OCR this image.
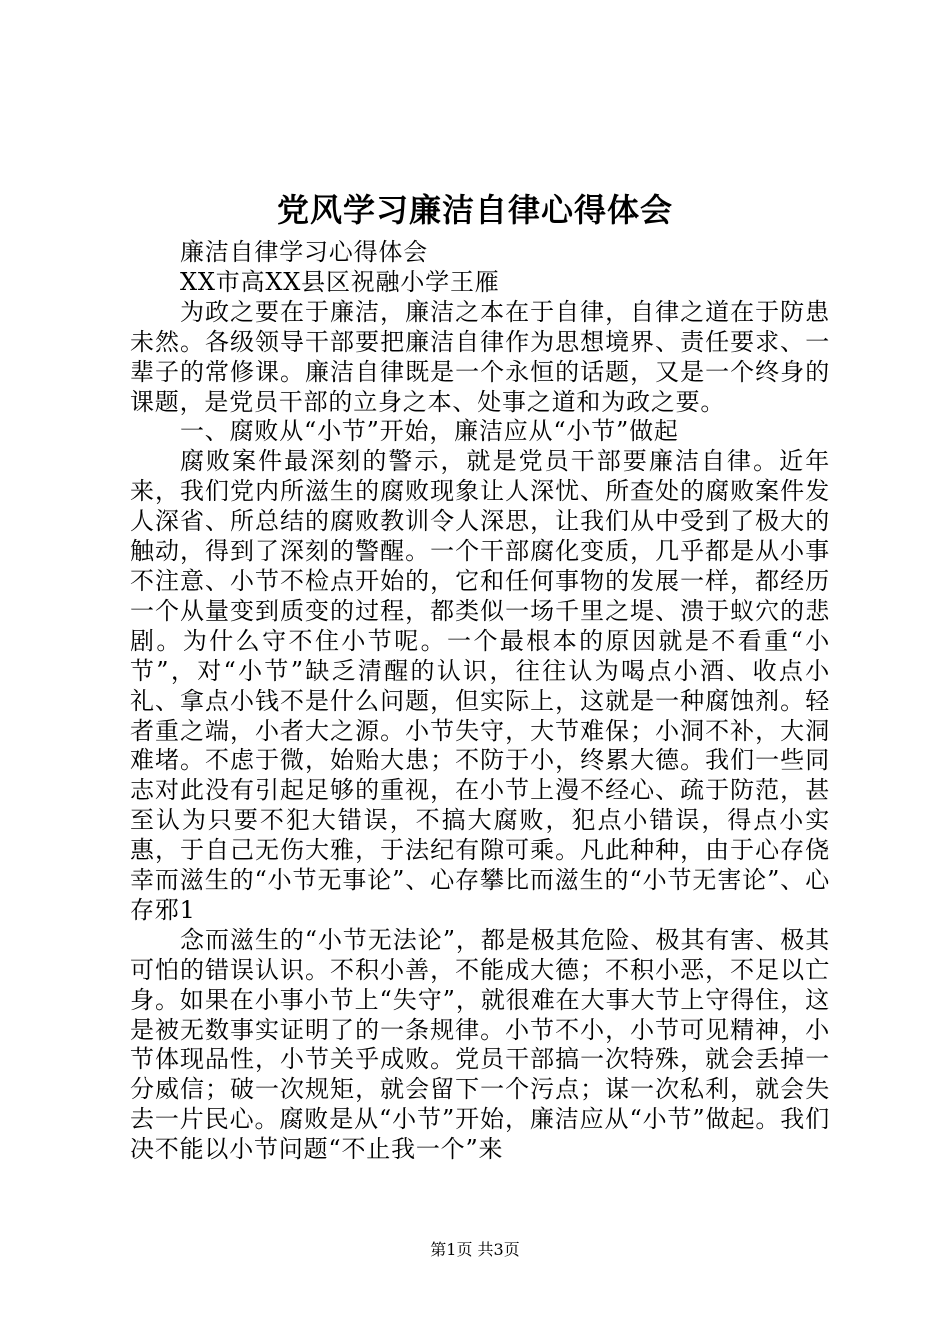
党风学习廉洁自律心得体会

廉洁自律学习心得体会

XX市高XX县区祝融小学王雁

为政之要在于廉洁，廉洁之本在于自律，自律之道在于防患未然。各级领导干部要把廉洁自律作为思想境界、责任要求、一辈子的常修课。廉洁自律既是一个永恒的话题，又是一个终身的课题，是党员干部的立身之本、处事之道和为政之要。

一、腐败从“小节”开始，廉洁应从“小节”做起

腐败案件最深刻的警示，就是党员干部要廉洁自律。近年来，我们党内所滋生的腐败现象让人深忧、所查处的腐败案件发人深省、所总结的腐败教训令人深思，让我们从中受到了极大的触动，得到了深刻的警醒。一个干部腐化变质，几乎都是从小事不注意、小节不检点开始的，它和任何事物的发展一样，都经历一个从量变到质变的过程，都类似一场千里之堤、溃于蚁穴的悲剧。为什么守不住小节呢。一个最根本的原因就是不看重“小节”，对“小节”缺乏清醒的认识，往往认为喝点小酒、收点小礼、拿点小钱不是什么问题，但实际上，这就是一种腐蚀剂。轻者重之端，小者大之源。小节失守，大节难保；小洞不补，大洞难堵。不虑于微，始贻大患；不防于小，终累大德。我们一些同志对此没有引起足够的重视，在小节上漫不经心、疏于防范，甚至认为只要不犯大错误，不搞大腐败，犯点小错误，得点小实惠，于自己无伤大雅，于法纪有隙可乘。凡此种种，由于心存侥幸而滋生的“小节无事论”、心存攀比而滋生的“小节无害论”、心存邪1

念而滋生的“小节无法论”，都是极其危险、极其有害、极其可怕的错误认识。不积小善，不能成大德；不积小恶，不足以亡身。如果在小事小节上“失守”，就很难在大事大节上守得住，这是被无数事实证明了的一条规律。小节不小，小节可见精神，小节体现品性，小节关乎成败。党员干部搞一次特殊，就会丢掉一分威信；破一次规矩，就会留下一个污点；谋一次私利，就会失去一片民心。腐败是从“小节”开始，廉洁应从“小节”做起。我们决不能以小节问题“不止我一个”来

第1页 共3页
